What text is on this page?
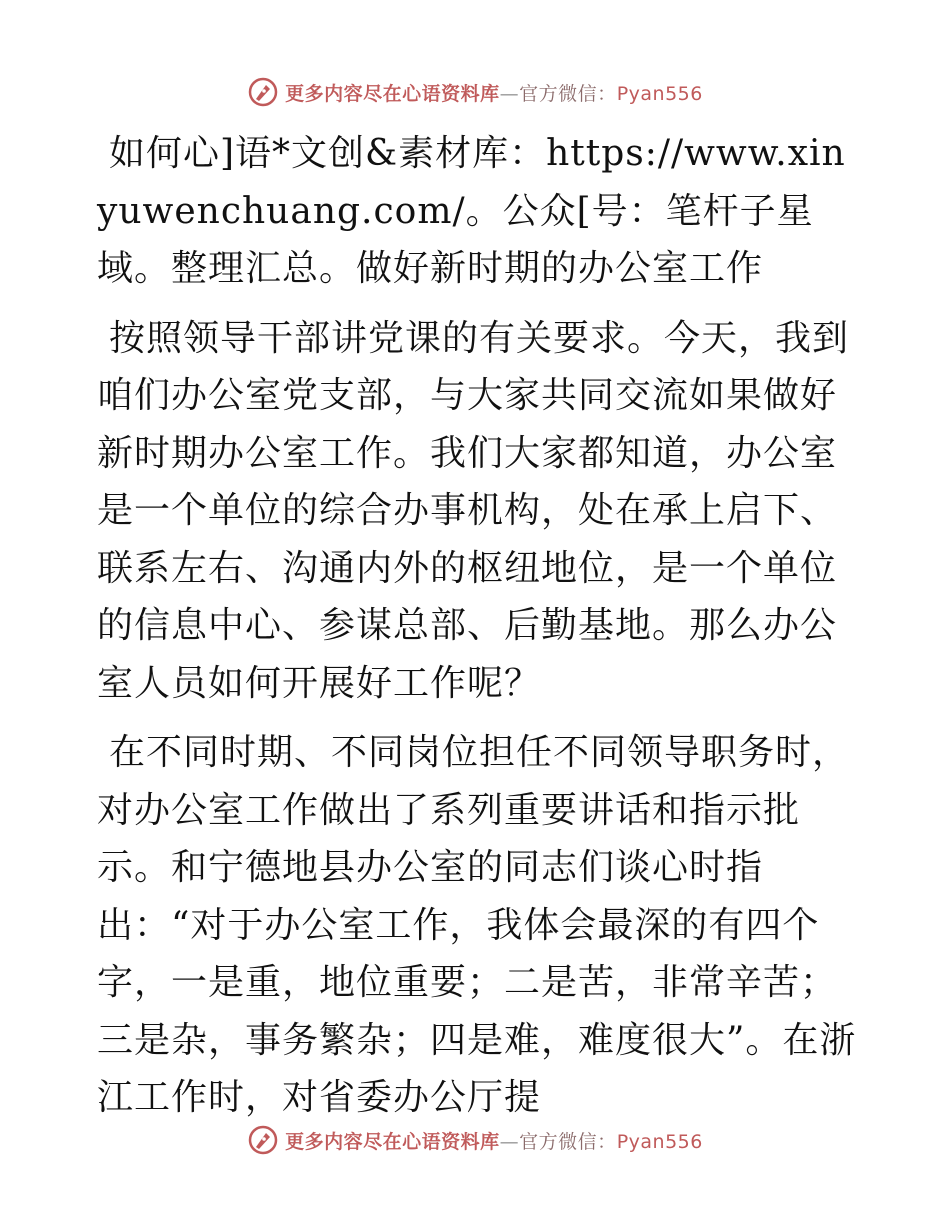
更多内容尽在心语资料库—官方微信：Pyan556

如何心]语*文创&素材库：https://www.xinyuwenchuang.com/。公众[号：笔杆子星域。整理汇总。做好新时期的办公室工作

按照领导干部讲党课的有关要求。今天，我到咱们办公室党支部，与大家共同交流如果做好新时期办公室工作。我们大家都知道，办公室是一个单位的综合办事机构，处在承上启下、联系左右、沟通内外的枢纽地位，是一个单位的信息中心、参谋总部、后勤基地。那么办公室人员如何开展好工作呢？

在不同时期、不同岗位担任不同领导职务时，对办公室工作做出了系列重要讲话和指示批示。和宁德地县办公室的同志们谈心时指出：“对于办公室工作，我体会最深的有四个字，一是重，地位重要；二是苦，非常辛苦；三是杂，事务繁杂；四是难，难度很大”。在浙江工作时，对省委办公厅提

更多内容尽在心语资料库—官方微信：Pyan556
